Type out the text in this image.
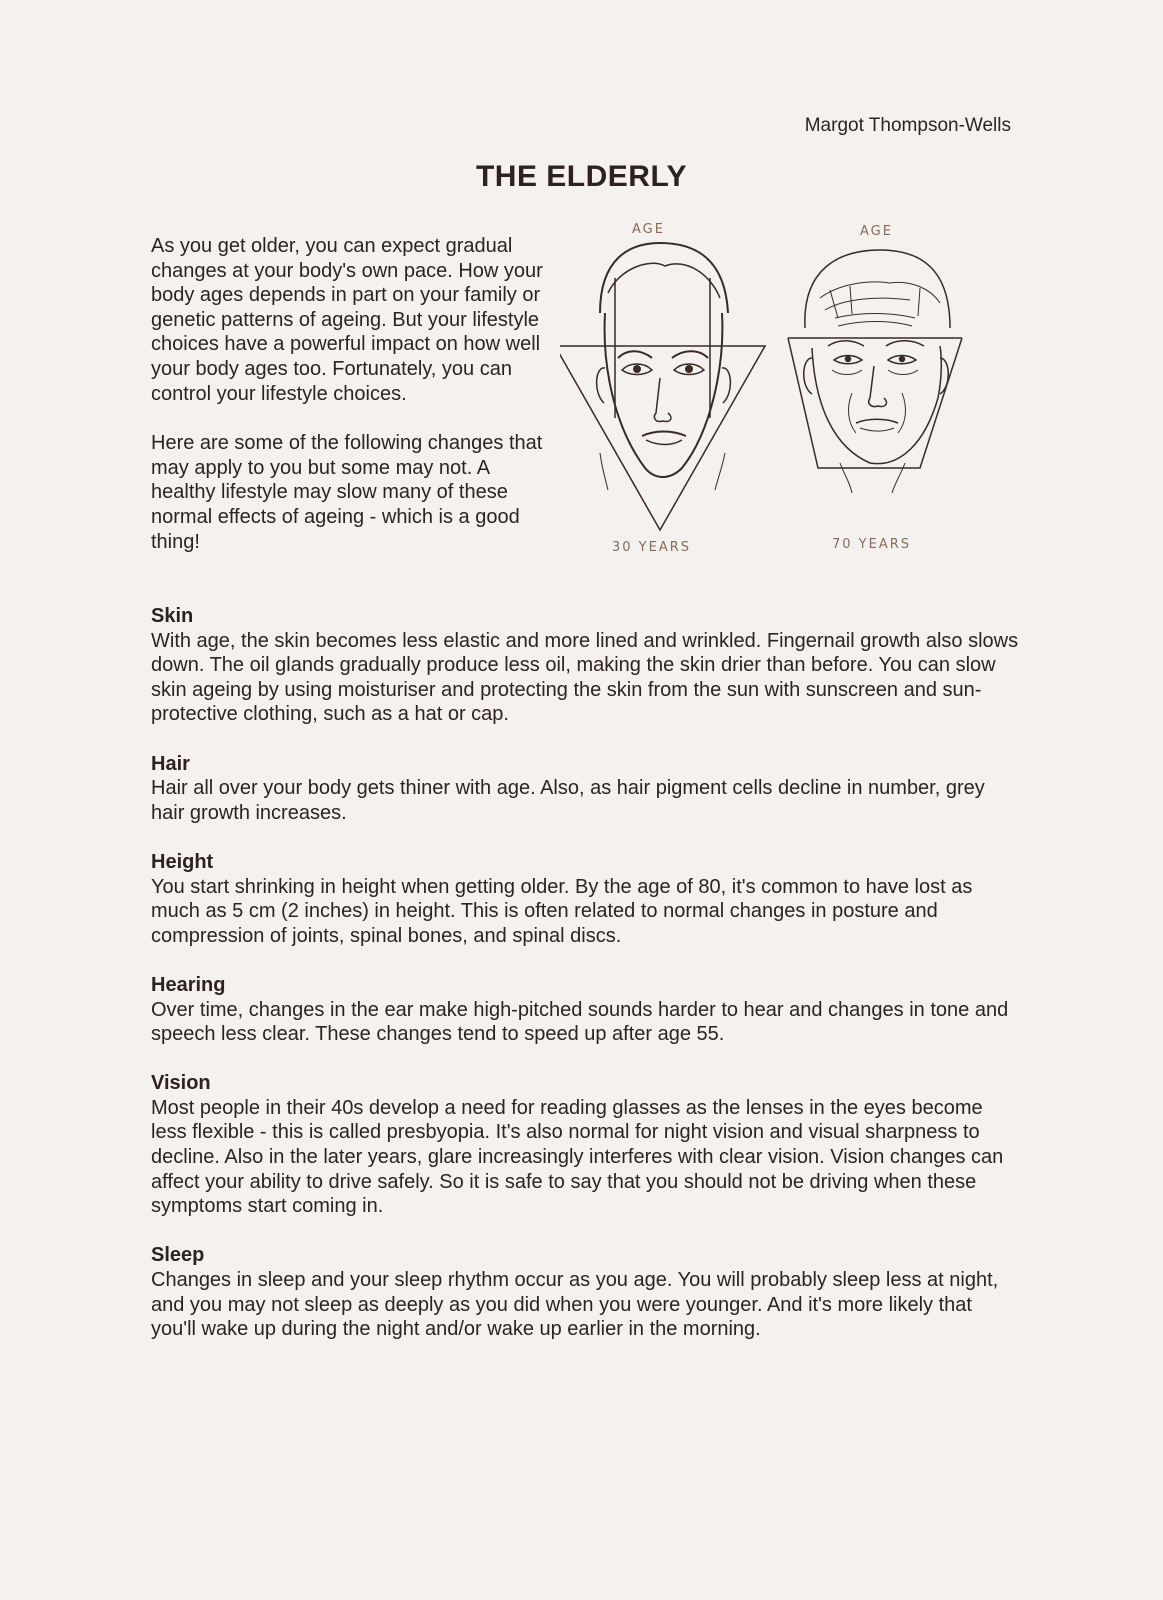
Margot Thompson-Wells
THE ELDERLY

As you get older, you can expect gradual changes at your body's own pace. How your body ages depends in part on your family or genetic patterns of ageing. But your lifestyle choices have a powerful impact on how well your body ages too. Fortunately, you can control your lifestyle choices.

Here are some of the following changes that may apply to you but some may not. A healthy lifestyle may slow many of these normal effects of ageing - which is a good thing!

AGE
30 YEARS
AGE
70 YEARS
Skin

With age, the skin becomes less elastic and more lined and wrinkled. Fingernail growth also slows down. The oil glands gradually produce less oil, making the skin drier than before. You can slow skin ageing by using moisturiser and protecting the skin from the sun with sunscreen and sun-protective clothing, such as a hat or cap.

Hair

Hair all over your body gets thiner with age. Also, as hair pigment cells decline in number, grey hair growth increases.

Height

You start shrinking in height when getting older. By the age of 80, it's common to have lost as much as 5 cm (2 inches) in height. This is often related to normal changes in posture and compression of joints, spinal bones, and spinal discs.

Hearing

Over time, changes in the ear make high-pitched sounds harder to hear and changes in tone and speech less clear. These changes tend to speed up after age 55.

Vision

Most people in their 40s develop a need for reading glasses as the lenses in the eyes become less flexible - this is called presbyopia. It's also normal for night vision and visual sharpness to decline. Also in the later years, glare increasingly interferes with clear vision. Vision changes can affect your ability to drive safely. So it is safe to say that you should not be driving when these symptoms start coming in.

Sleep

Changes in sleep and your sleep rhythm occur as you age. You will probably sleep less at night, and you may not sleep as deeply as you did when you were younger. And it's more likely that you'll wake up during the night and/or wake up earlier in the morning.
